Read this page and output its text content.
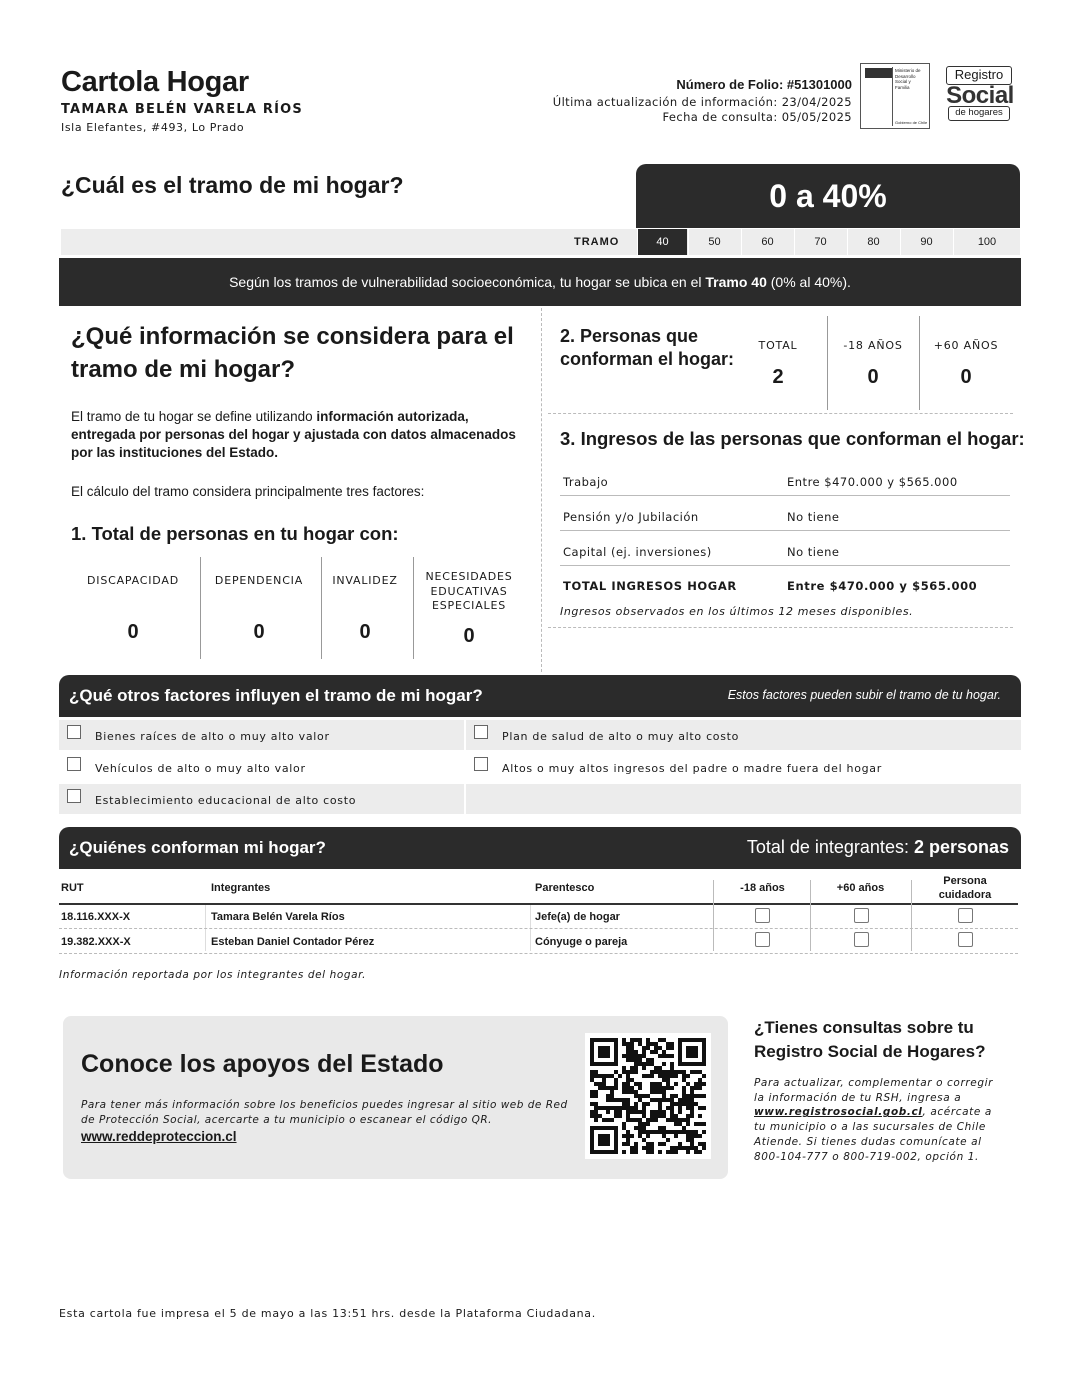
Cartola Hogar
TAMARA BELÉN VARELA RÍOS
Isla Elefantes, #493, Lo Prado
Número de Folio: #51301000
Última actualización de información: 23/04/2025
Fecha de consulta: 05/05/2025
Ministerio de
Desarrollo
Social y
Familia
Gobierno de Chile
Registro
Social
de hogares
¿Cuál es el tramo de mi hogar?	0 a 40%
TRAMO	40	50	60	70	80	90	100
Según los tramos de vulnerabilidad socioeconómica, tu hogar se ubica en el Tramo 40 (0% al 40%).
¿Qué información se considera para el tramo de mi hogar?
El tramo de tu hogar se define utilizando información autorizada, entregada por personas del hogar y ajustada con datos almacenados por las instituciones del Estado.
El cálculo del tramo considera principalmente tres factores:
1. Total de personas en tu hogar con:
DISCAPACIDAD
0
DEPENDENCIA
0
INVALIDEZ
0
NECESIDADES EDUCATIVAS ESPECIALES
0
2. Personas que conforman el hogar:
TOTAL
2
-18 AÑOS
0
+60 AÑOS
0
3. Ingresos de las personas que conforman el hogar:
Trabajo	Entre $470.000 y $565.000
Pensión y/o Jubilación	No tiene
Capital (ej. inversiones)	No tiene
TOTAL INGRESOS HOGAR	Entre $470.000 y $565.000
Ingresos observados en los últimos 12 meses disponibles.
¿Qué otros factores influyen el tramo de mi hogar?	Estos factores pueden subir el tramo de tu hogar.
Bienes raíces de alto o muy alto valor	Plan de salud de alto o muy alto costo
Vehículos de alto o muy alto valor	Altos o muy altos ingresos del padre o madre fuera del hogar
Establecimiento educacional de alto costo
¿Quiénes conforman mi hogar?	Total de integrantes: 2 personas
RUT	Integrantes	Parentesco	-18 años	+60 años
Persona cuidadora
18.116.XXX-X	Tamara Belén Varela Ríos	Jefe(a) de hogar
19.382.XXX-X	Esteban Daniel Contador Pérez	Cónyuge o pareja
Información reportada por los integrantes del hogar.
Conoce los apoyos del Estado
Para tener más información sobre los beneficios puedes ingresar al sitio web de Red de Protección Social, acercarte a tu municipio o escanear el código QR.
www.reddeproteccion.cl
¿Tienes consultas sobre tu Registro Social de Hogares?
Para actualizar, complementar o corregir la información de tu RSH, ingresa a www.registrosocial.gob.cl, acércate a tu municipio o a las sucursales de Chile Atiende. Si tienes dudas comunícate al 800-104-777 o 800-719-002, opción 1.
Esta cartola fue impresa el 5 de mayo a las 13:51 hrs. desde la Plataforma Ciudadana.
